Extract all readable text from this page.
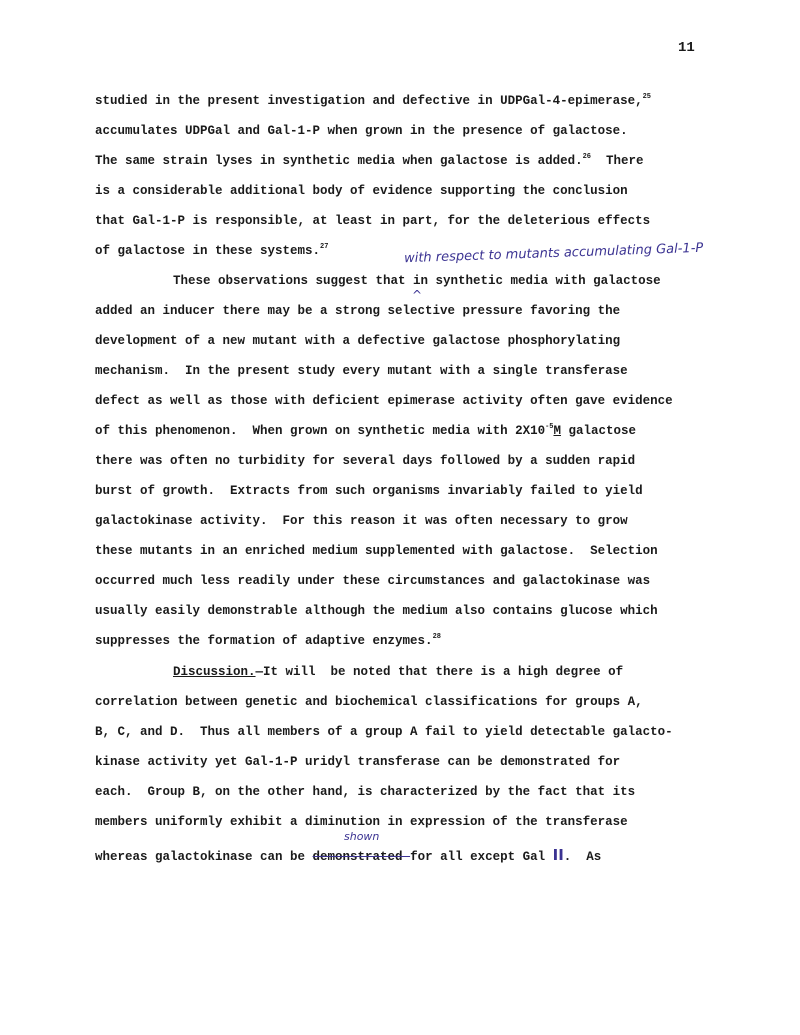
11
studied in the present investigation and defective in UDPGal-4-epimerase,$^{25}$
accumulates UDPGal and Gal-1-P when grown in the presence of galactose.
The same strain lyses in synthetic media when galactose is added.$^{26}$  There
is a considerable additional body of evidence supporting the conclusion
that Gal-1-P is responsible, at least in part, for the deleterious effects
of galactose in these systems.$^{27}$	with respect to mutants accumulating Gal-1-P
These observations suggest that in synthetic media with galactose
^
added an inducer there may be a strong selective pressure favoring the
development of a new mutant with a defective galactose phosphorylating
mechanism.  In the present study every mutant with a single transferase
defect as well as those with deficient epimerase activity often gave evidence
of this phenomenon.  When grown on synthetic media with $2X10^{-5}M$ galactose
there was often no turbidity for several days followed by a sudden rapid
burst of growth.  Extracts from such organisms invariably failed to yield
galactokinase activity.  For this reason it was often necessary to grow
these mutants in an enriched medium supplemented with galactose.  Selection
occurred much less readily under these circumstances and galactokinase was
usually easily demonstrable although the medium also contains glucose which
suppresses the formation of adaptive enzymes.$^{28}$
Discussion.—It will  be noted that there is a high degree of
correlation between genetic and biochemical classifications for groups A,
B, C, and D.  Thus all members of a group A fail to yield detectable galacto-
kinase activity yet Gal-1-P uridyl transferase can be demonstrated for
each.  Group B, on the other hand, is characterized by the fact that its
members uniformly exhibit a diminution in expression of the transferase
shown
whereas galactokinase can be demonstrated for all except Gal II.  As
